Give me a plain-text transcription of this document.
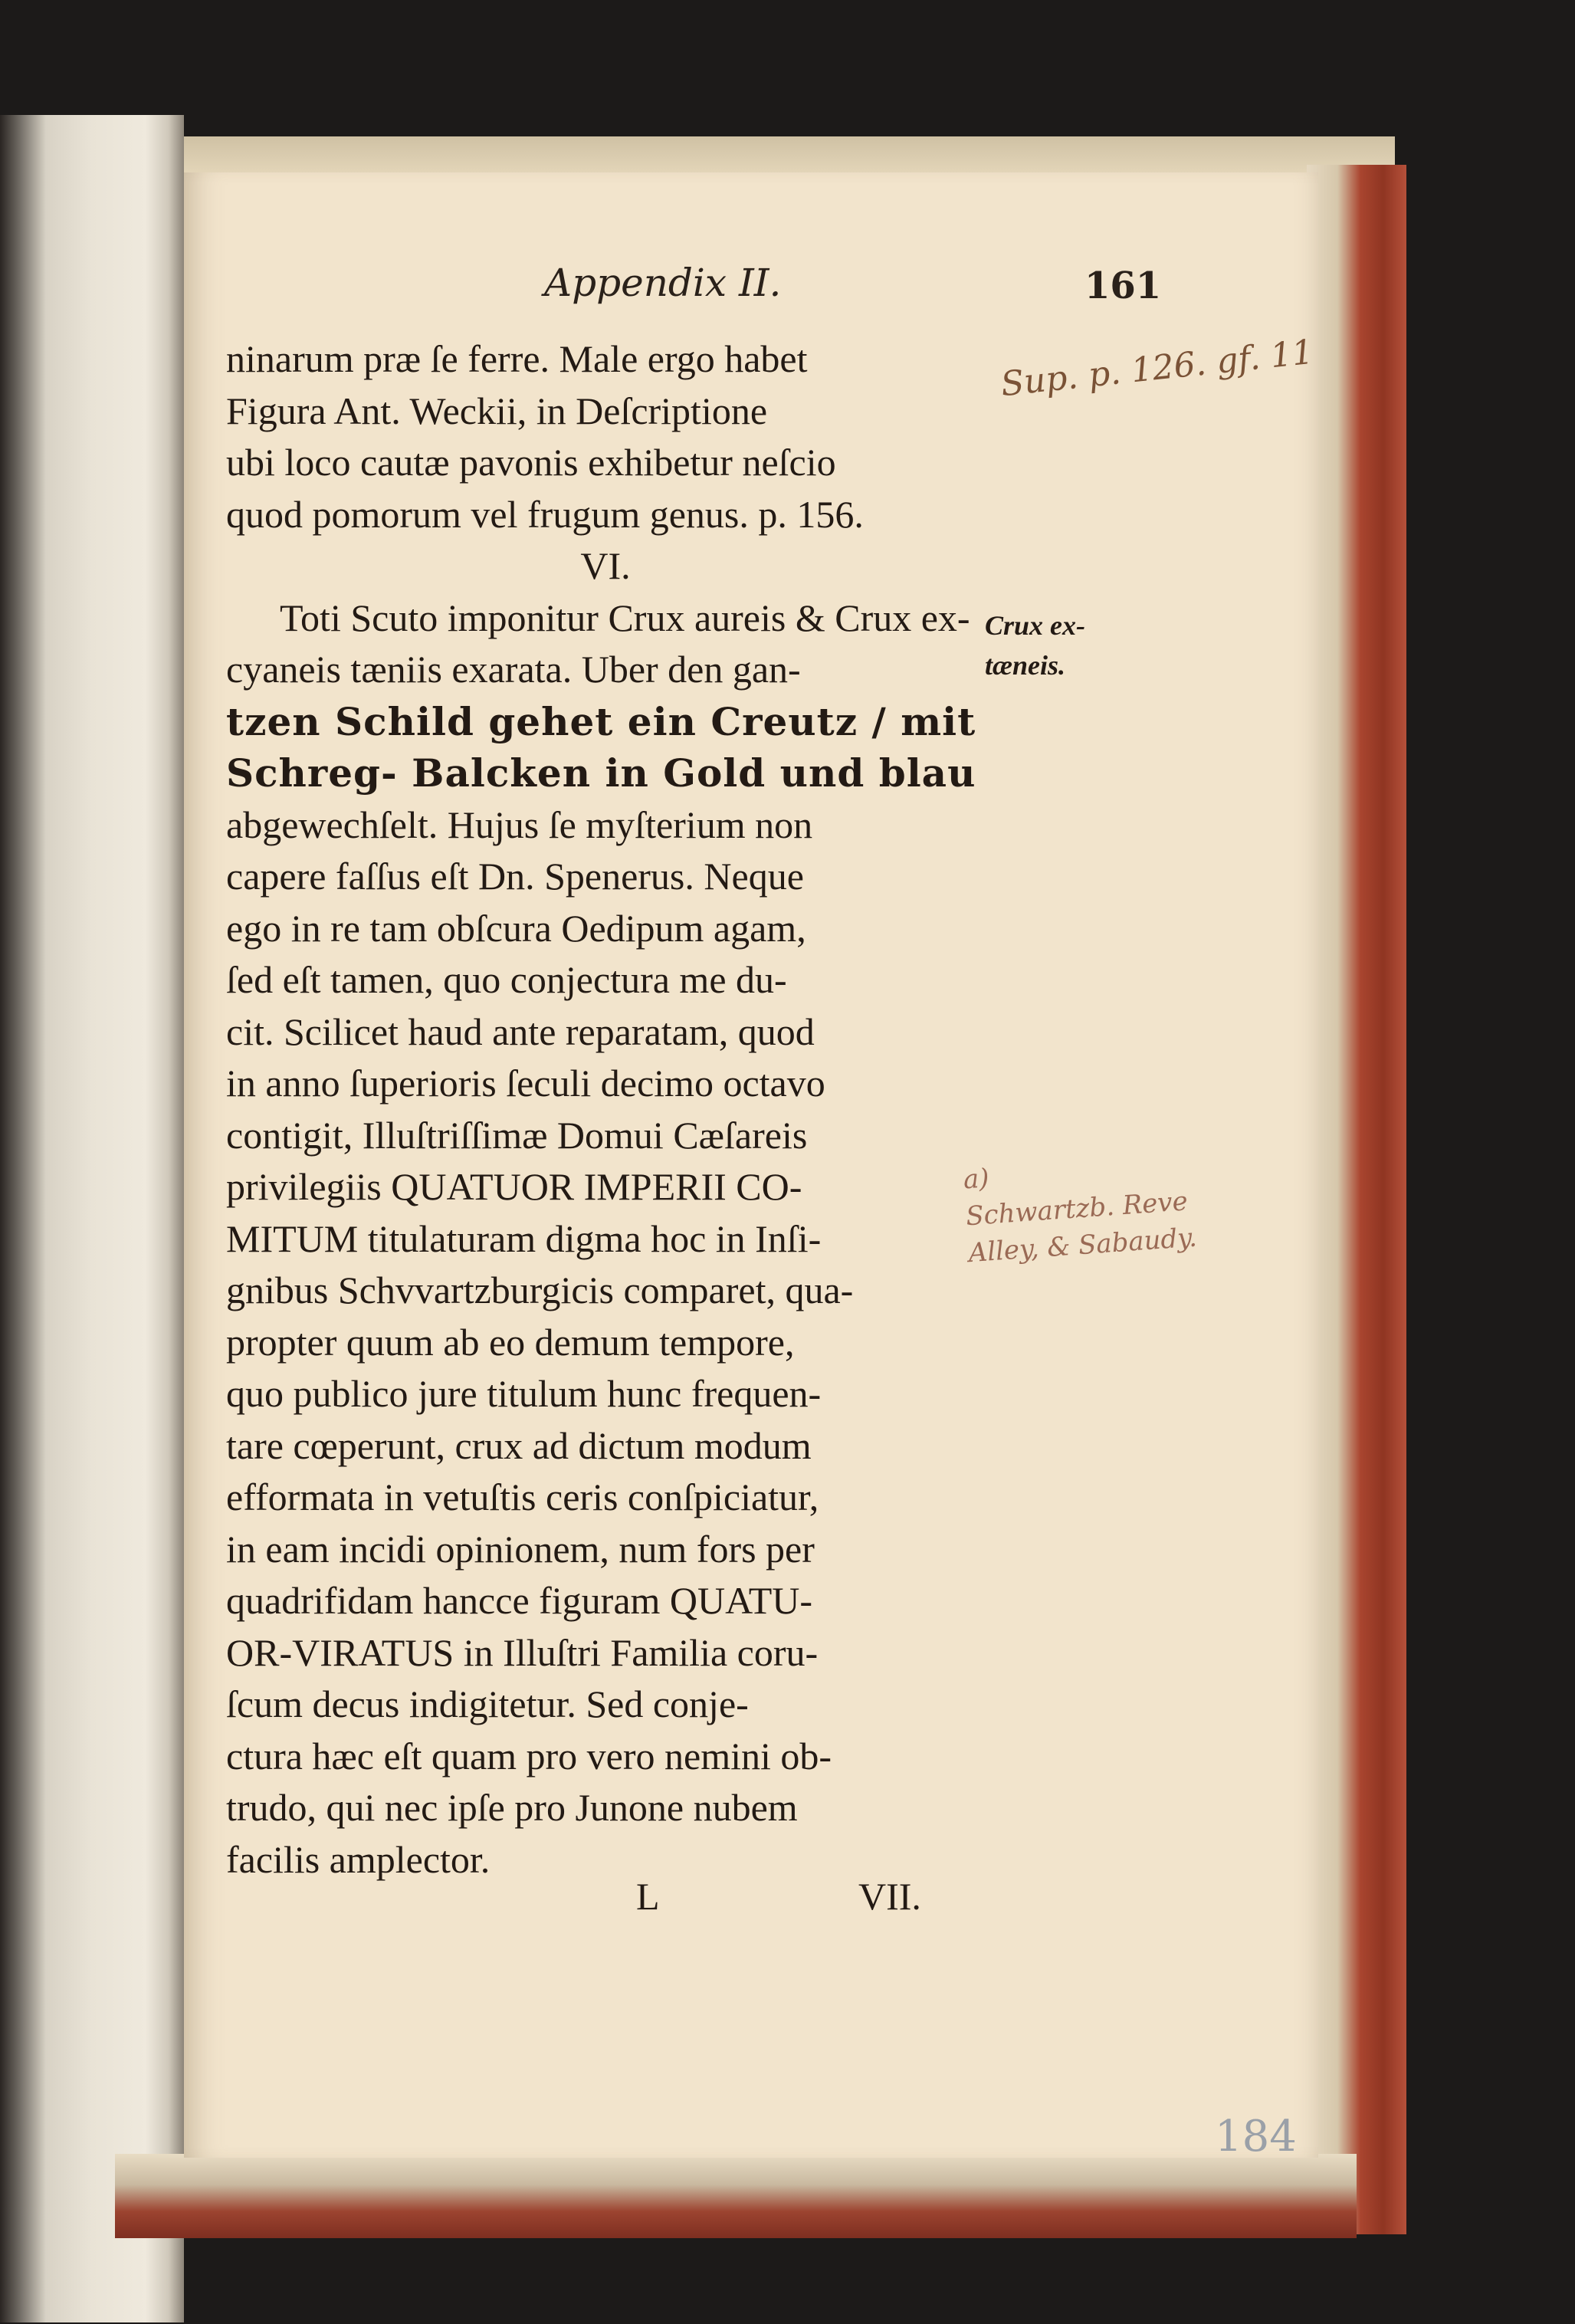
Appendix II.	161
ninarum præ ſe ferre. Male ergo habet
Figura Ant. Weckii, in Deſcriptione
ubi loco cautæ pavonis exhibetur neſcio
quod pomorum vel frugum genus. p. 156.
VI.
Toti Scuto imponitur Crux aureis & Crux ex-
cyaneis tæniis exarata. Uber den gan-
tzen Schild gehet ein Creutz / mit
Schreg- Balcken in Gold und blau
abgewechſelt. Hujus ſe myſterium non
capere faſſus eſt Dn. Spenerus. Neque
ego in re tam obſcura Oedipum agam,
ſed eſt tamen, quo conjectura me du-
cit. Scilicet haud ante reparatam, quod
in anno ſuperioris ſeculi decimo octavo
contigit, Illuſtriſſimæ Domui Cæſareis
privilegiis QUATUOR IMPERII CO-
MITUM titulaturam digma hoc in Inſi-
gnibus Schvvartzburgicis comparet, qua-
propter quum ab eo demum tempore,
quo publico jure titulum hunc frequen-
tare cœperunt, crux ad dictum modum
efformata in vetuſtis ceris conſpiciatur,
in eam incidi opinionem, num fors per
quadrifidam hancce figuram QUATU-
OR-VIRATUS in Illuſtri Familia coru-
ſcum decus indigitetur. Sed conje-
ctura hæc eſt quam pro vero nemini ob-
trudo, qui nec ipſe pro Junone nubem
facilis amplector.
Crux ex-
tæneis.
Sup. p. 126. gf. 11
a)
Schwartzb. Reve
Alley, & Sabaudy.
184
L	VII.
